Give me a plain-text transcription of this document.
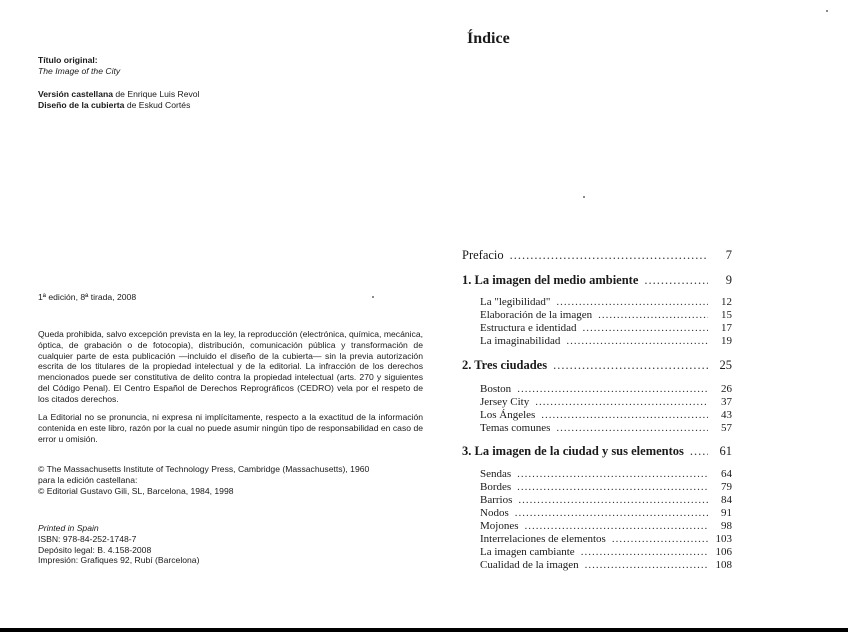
Título original:
The Image of the City
Versión castellana de Enrique Luis Revol
Diseño de la cubierta de Eskud Cortés
1ª edición, 8ª tirada, 2008
Queda prohibida, salvo excepción prevista en la ley, la reproducción (electrónica, química, mecánica, óptica, de grabación o de fotocopia), distribución, comunicación pública y transformación de cualquier parte de esta publicación —incluido el diseño de la cubierta— sin la previa autorización escrita de los titulares de la propiedad intelectual y de la editorial. La infracción de los derechos mencionados puede ser constitutiva de delito contra la propiedad intelectual (arts. 270 y siguientes del Código Penal). El Centro Español de Derechos Reprográficos (CEDRO) vela por el respeto de los citados derechos.
La Editorial no se pronuncia, ni expresa ni implícitamente, respecto a la exactitud de la información contenida en este libro, razón por la cual no puede asumir ningún tipo de responsabilidad en caso de error u omisión.
© The Massachusetts Institute of Technology Press, Cambridge (Massachusetts), 1960
para la edición castellana:
© Editorial Gustavo Gili, SL, Barcelona, 1984, 1998
Printed in Spain
ISBN: 978-84-252-1748-7
Depósito legal: B. 4.158-2008
Impresión: Grafiques 92, Rubí (Barcelona)
Índice
Prefacio .....	7
1. La imagen del medio ambiente .....	9
La "legibilidad" .....	12
Elaboración de la imagen .....	15
Estructura e identidad .....	17
La imaginabilidad .....	19
2. Tres ciudades .....	25
Boston .....	26
Jersey City .....	37
Los Ángeles .....	43
Temas comunes .....	57
3. La imagen de la ciudad y sus elementos .....	61
Sendas .....	64
Bordes .....	79
Barrios .....	84
Nodos .....	91
Mojones .....	98
Interrelaciones de elementos .....	103
La imagen cambiante .....	106
Cualidad de la imagen .....	108
